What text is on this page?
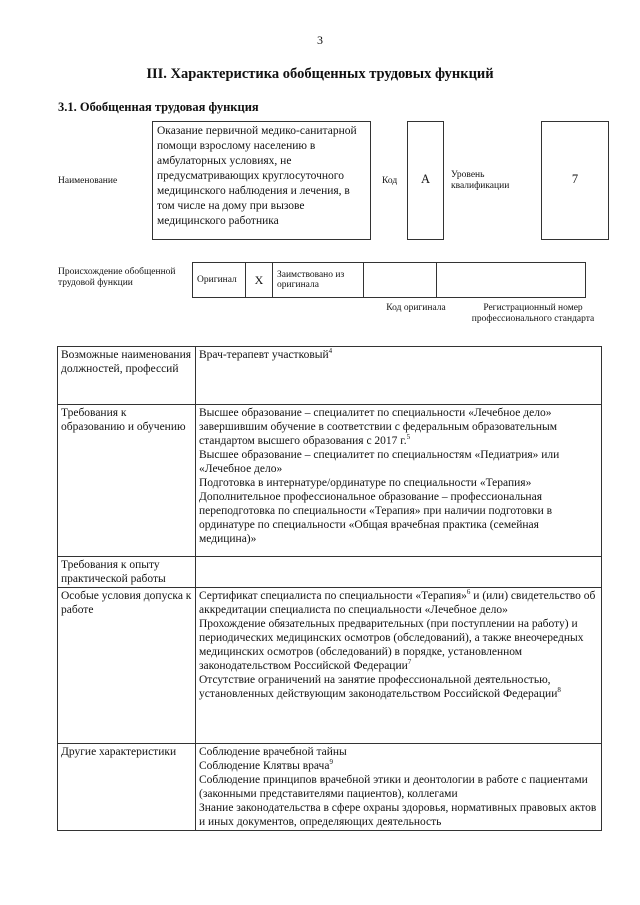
3
III. Характеристика обобщенных трудовых функций
3.1. Обобщенная трудовая функция
Наименование
Оказание первичной медико-санитарной помощи взрослому населению в амбулаторных условиях, не предусматривающих круглосуточного медицинского наблюдения и лечения, в том числе на дому при вызове медицинского работника
Код	А	Уровень квалификации	7
Происхождение обобщенной трудовой функции	Оригинал	Х	Заимствовано из оригинала		
Код оригинала	Регистрационный номер профессионального стандарта
Возможные наименования должностей, профессий	Врач-терапевт участковый$^4$

Требования к образованию и обучению	Высшее образование – специалитет по специальности «Лечебное дело» завершившим обучение в соответствии с федеральным образовательным стандартом высшего образования с 2017 г.$^5$
Высшее образование – специалитет по специальностям «Педиатрия» или «Лечебное дело»
Подготовка в интернатуре/ординатуре по специальности «Терапия»
Дополнительное профессиональное образование – профессиональная переподготовка по специальности «Терапия» при наличии подготовки в ординатуре по специальности «Общая врачебная практика (семейная медицина)»

Требования к опыту практической работы	

Особые условия допуска к работе	Сертификат специалиста по специальности «Терапия»$^6$ и (или) свидетельство об аккредитации специалиста по специальности «Лечебное дело»
Прохождение обязательных предварительных (при поступлении на работу) и периодических медицинских осмотров (обследований), а также внеочередных медицинских осмотров (обследований) в порядке, установленном законодательством Российской Федерации$^7$
Отсутствие ограничений на занятие профессиональной деятельностью, установленных действующим законодательством Российской Федерации$^8$

Другие характеристики	Соблюдение врачебной тайны
Соблюдение Клятвы врача$^9$
Соблюдение принципов врачебной этики и деонтологии в работе с пациентами (законными представителями пациентов), коллегами
Знание законодательства в сфере охраны здоровья, нормативных правовых актов и иных документов, определяющих деятельность
